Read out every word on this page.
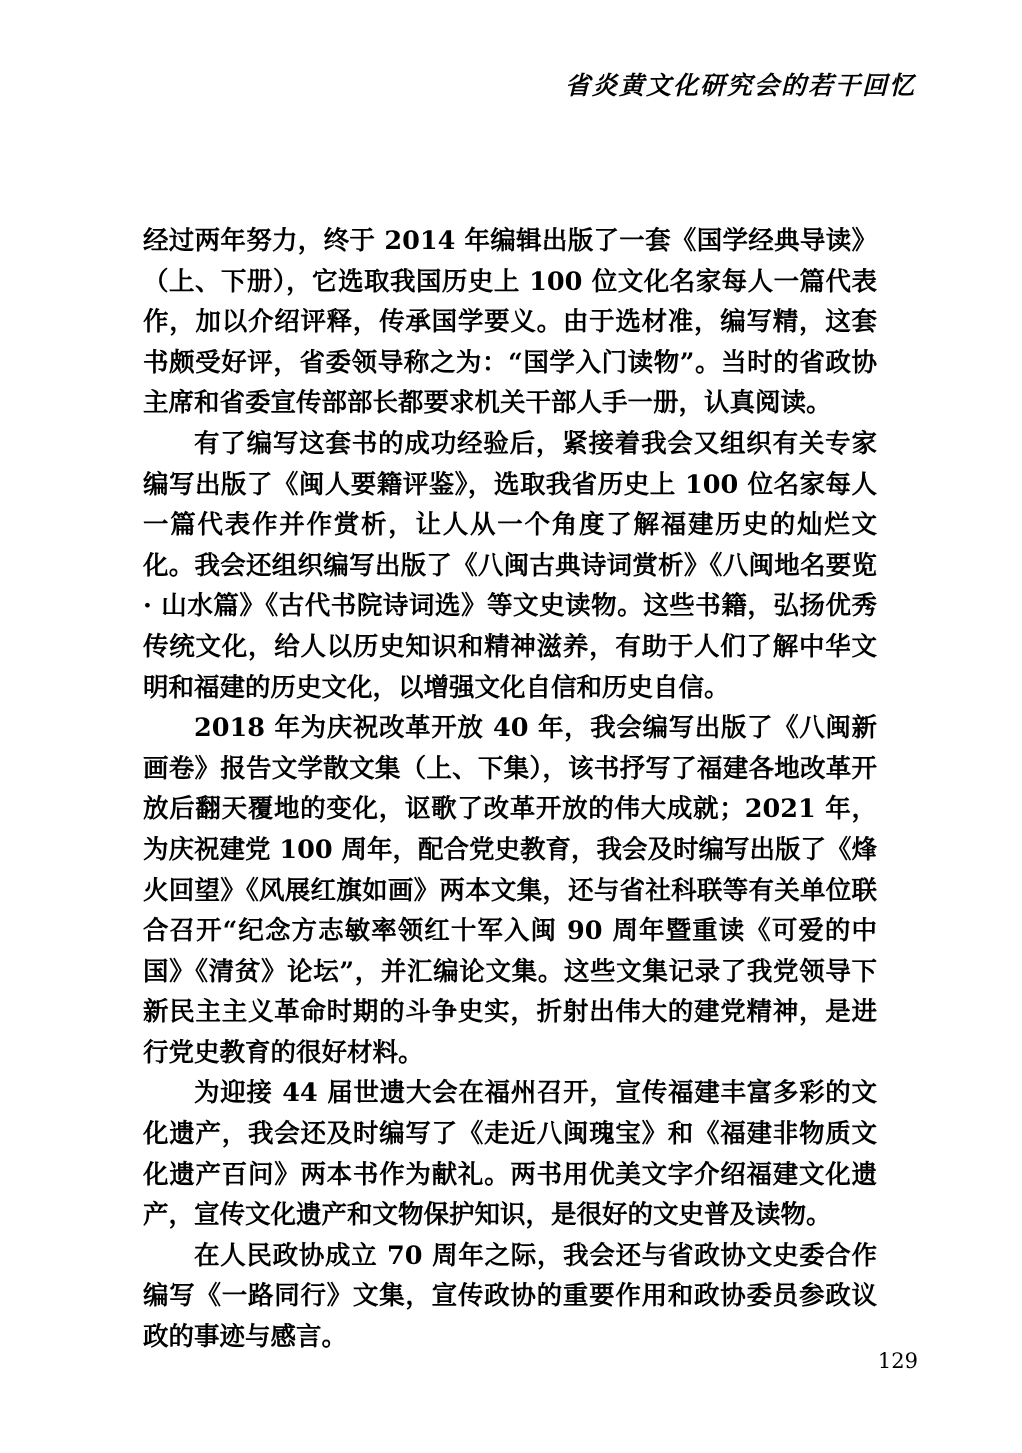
省炎黄文化研究会的若干回忆

经过两年努力，终于 2014 年编辑出版了一套《国学经典导读》（上、下册），它选取我国历史上 100 位文化名家每人一篇代表作，加以介绍评释，传承国学要义。由于选材准，编写精，这套书颇受好评，省委领导称之为：“国学入门读物”。当时的省政协主席和省委宣传部部长都要求机关干部人手一册，认真阅读。

有了编写这套书的成功经验后，紧接着我会又组织有关专家编写出版了《闽人要籍评鉴》，选取我省历史上 100 位名家每人一篇代表作并作赏析，让人从一个角度了解福建历史的灿烂文化。我会还组织编写出版了《八闽古典诗词赏析》《八闽地名要览 · 山水篇》《古代书院诗词选》等文史读物。这些书籍，弘扬优秀传统文化，给人以历史知识和精神滋养，有助于人们了解中华文明和福建的历史文化，以增强文化自信和历史自信。

2018 年为庆祝改革开放 40 年，我会编写出版了《八闽新画卷》报告文学散文集（上、下集），该书抒写了福建各地改革开放后翻天覆地的变化，讴歌了改革开放的伟大成就；2021 年，为庆祝建党 100 周年，配合党史教育，我会及时编写出版了《烽火回望》《风展红旗如画》两本文集，还与省社科联等有关单位联合召开“纪念方志敏率领红十军入闽 90 周年暨重读《可爱的中国》《清贫》论坛”，并汇编论文集。这些文集记录了我党领导下新民主主义革命时期的斗争史实，折射出伟大的建党精神，是进行党史教育的很好材料。

为迎接 44 届世遗大会在福州召开，宣传福建丰富多彩的文化遗产，我会还及时编写了《走近八闽瑰宝》和《福建非物质文化遗产百问》两本书作为献礼。两书用优美文字介绍福建文化遗产，宣传文化遗产和文物保护知识，是很好的文史普及读物。

在人民政协成立 70 周年之际，我会还与省政协文史委合作编写《一路同行》文集，宣传政协的重要作用和政协委员参政议政的事迹与感言。

129
